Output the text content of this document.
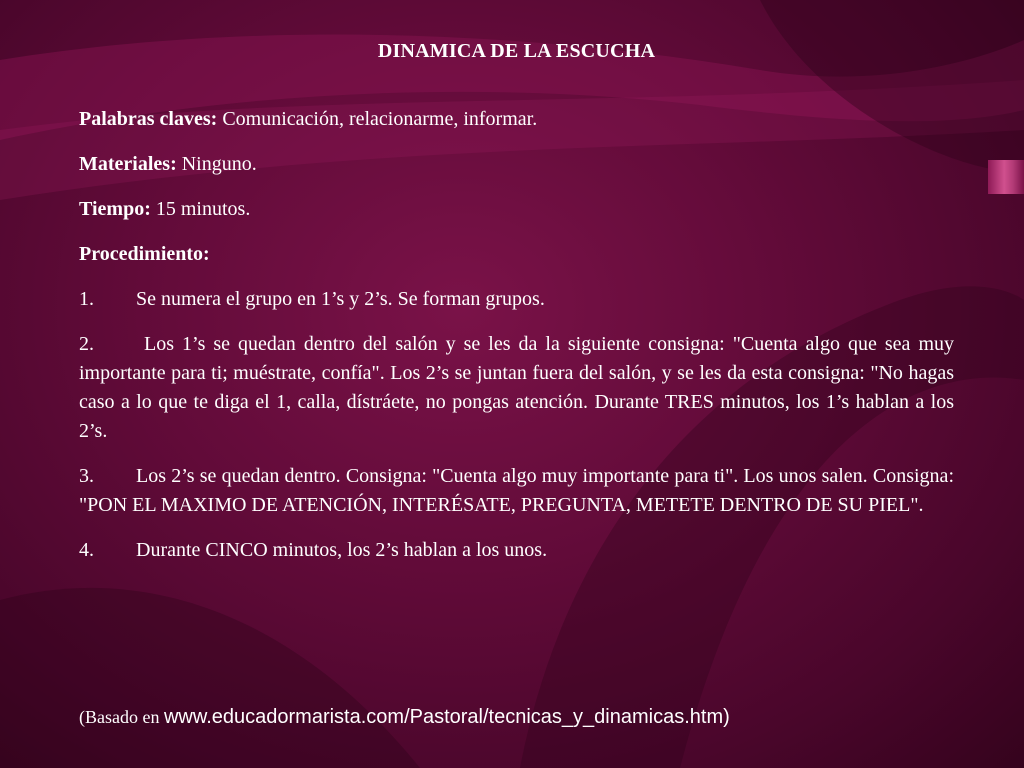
DINAMICA DE LA ESCUCHA
Palabras claves: Comunicación, relacionarme, informar.
Materiales: Ninguno.
Tiempo: 15 minutos.
Procedimiento:
1. Se numera el grupo en 1’s y 2’s. Se forman grupos.
2. Los 1’s se quedan dentro del salón y se les da la siguiente consigna: "Cuenta algo que sea muy importante para ti; muéstrate, confía". Los 2’s se juntan fuera del salón, y se les da esta consigna: "No hagas caso a lo que te diga el 1, calla, dístráete, no pongas atención. Durante TRES minutos, los 1’s hablan a los 2’s.
3. Los 2’s se quedan dentro. Consigna: "Cuenta algo muy importante para ti". Los unos salen. Consigna: "PON EL MAXIMO DE ATENCIÓN, INTERÉSATE, PREGUNTA, METETE DENTRO DE SU PIEL".
4. Durante CINCO minutos, los 2’s hablan a los unos.
(Basado en www.educadormarista.com/Pastoral/tecnicas_y_dinamicas.htm)
